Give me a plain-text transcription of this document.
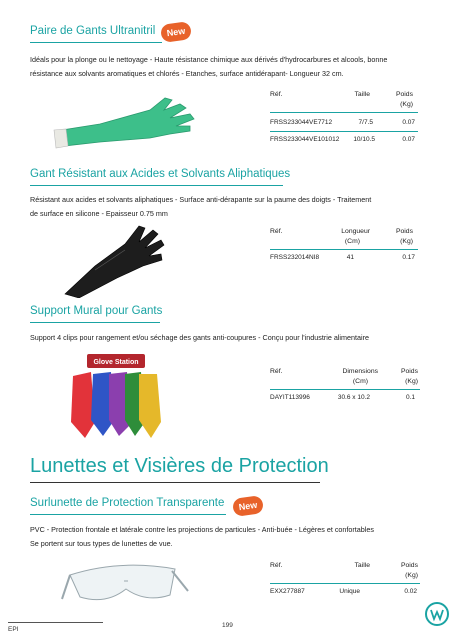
Paire de Gants Ultranitril	New
Idéals pour la plonge ou le nettoyage - Haute résistance chimique aux dérivés d'hydrocarbures et alcools, bonne
résistance aux solvants aromatiques et chlorés - Etanches, surface antidérapant- Longueur 32 cm.
Réf.	Taille	Poids
(Kg)
FRSS233044VE7712	7/7.5	0.07
FRSS233044VE101012	10/10.5	0.07
Gant Résistant aux Acides et Solvants Aliphatiques
Résistant aux acides et solvants aliphatiques - Surface anti-dérapante sur la paume des doigts - Traitement
de surface en silicone - Epaisseur 0.75 mm
Réf.	Longueur
(Cm)
Poids
(Kg)
FRSS232014NI8	41	0.17
Support Mural pour Gants
Support 4 clips pour rangement et/ou séchage des gants anti-coupures - Conçu pour l'industrie alimentaire
Glove Station
Réf.	Dimensions
(Cm)
Poids
(Kg)
DAYIT113996	30.6 x 10.2	0.1
Lunettes et Visières de Protection
Surlunette de Protection Transparente	New
PVC - Protection frontale et latérale contre les projections de particules - Anti-buée - Légères et confortables
Se portent sur tous types de lunettes de vue.
Réf.	Taille	Poids
(Kg)
EXX277887	Unique	0.02
EPI
199
